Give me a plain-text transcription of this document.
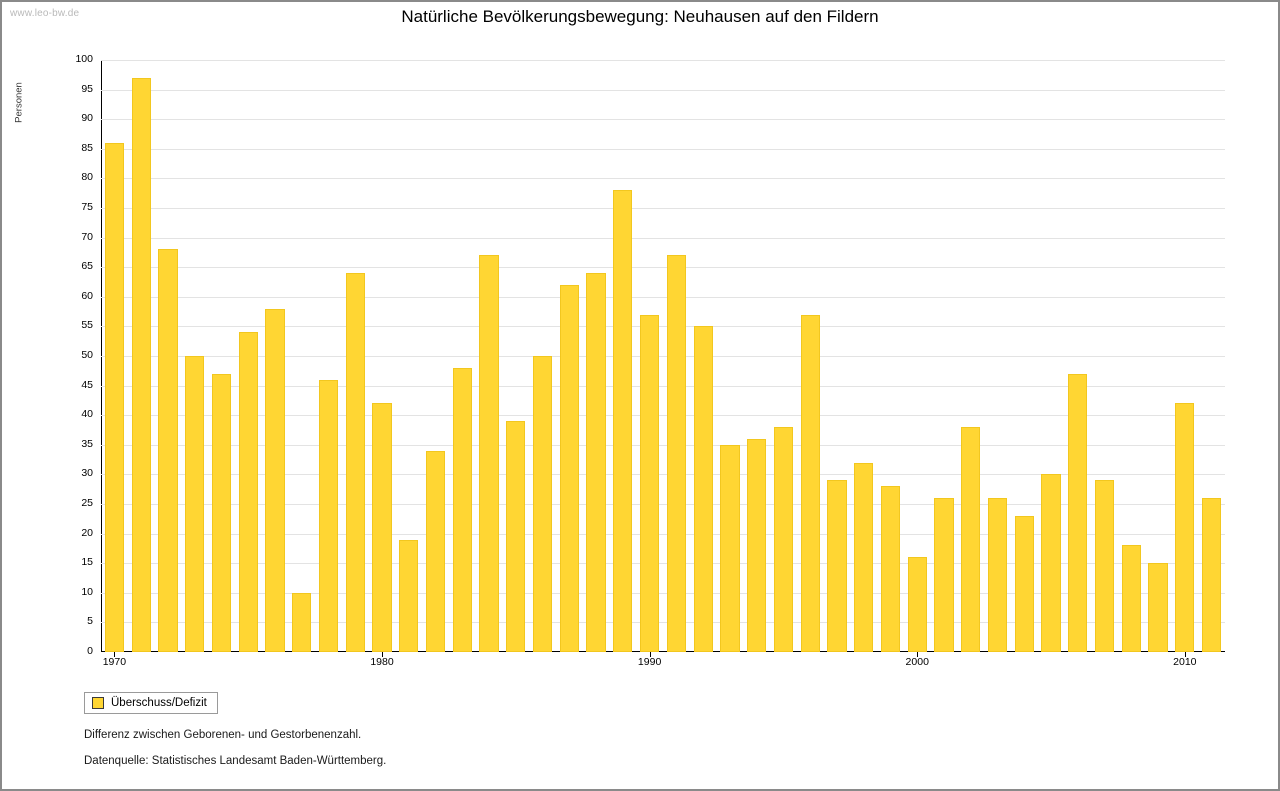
www.leo-bw.de	Natürliche Bevölkerungsbewegung: Neuhausen auf den Fildern
Personen
0
5
10
15
20
25
30
35
40
45
50
55
60
65
70
75
80
85
90
95
100
1970	1980	1990	2000	2010
Überschuss/Defizit
Differenz zwischen Geborenen- und Gestorbenenzahl.
Datenquelle: Statistisches Landesamt Baden-Württemberg.
